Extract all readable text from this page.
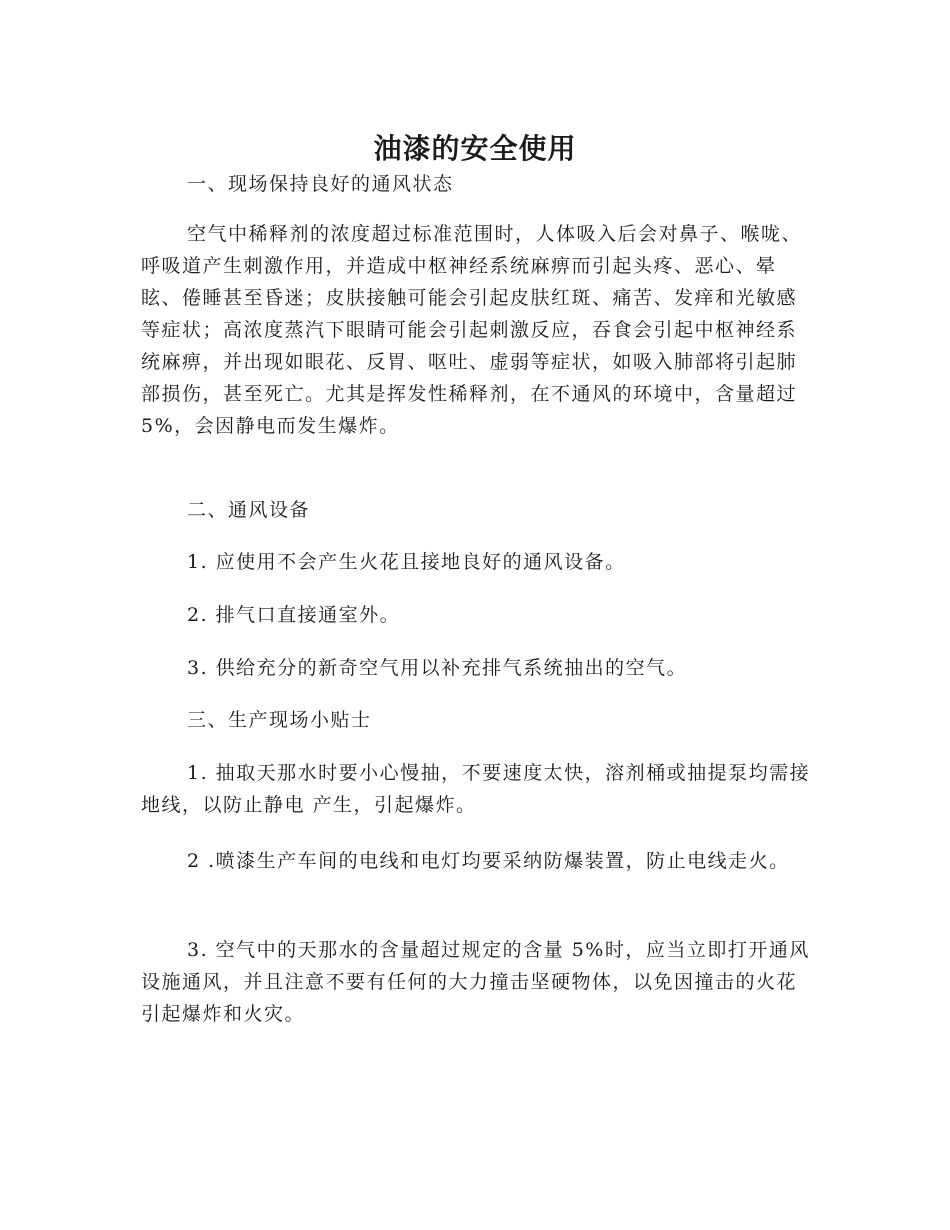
油漆的安全使用

一、现场保持良好的通风状态

空气中稀释剂的浓度超过标准范围时，人体吸入后会对鼻子、喉咙、呼吸道产生刺激作用，并造成中枢神经系统麻痹而引起头疼、恶心、晕眩、倦睡甚至昏迷；皮肤接触可能会引起皮肤红斑、痛苦、发痒和光敏感等症状；高浓度蒸汽下眼睛可能会引起刺激反应，吞食会引起中枢神经系统麻痹，并出现如眼花、反胃、呕吐、虚弱等症状，如吸入肺部将引起肺部损伤，甚至死亡。尤其是挥发性稀释剂，在不通风的环境中，含量超过 5%，会因静电而发生爆炸。

二、通风设备

1. 应使用不会产生火花且接地良好的通风设备。

2. 排气口直接通室外。

3. 供给充分的新奇空气用以补充排气系统抽出的空气。

三、生产现场小贴士

1. 抽取天那水时要小心慢抽，不要速度太快，溶剂桶或抽提泵均需接地线，以防止静电 产生，引起爆炸。

2 .喷漆生产车间的电线和电灯均要采纳防爆装置，防止电线走火。

3. 空气中的天那水的含量超过规定的含量 5%时，应当立即打开通风设施通风，并且注意不要有任何的大力撞击坚硬物体，以免因撞击的火花引起爆炸和火灾。
